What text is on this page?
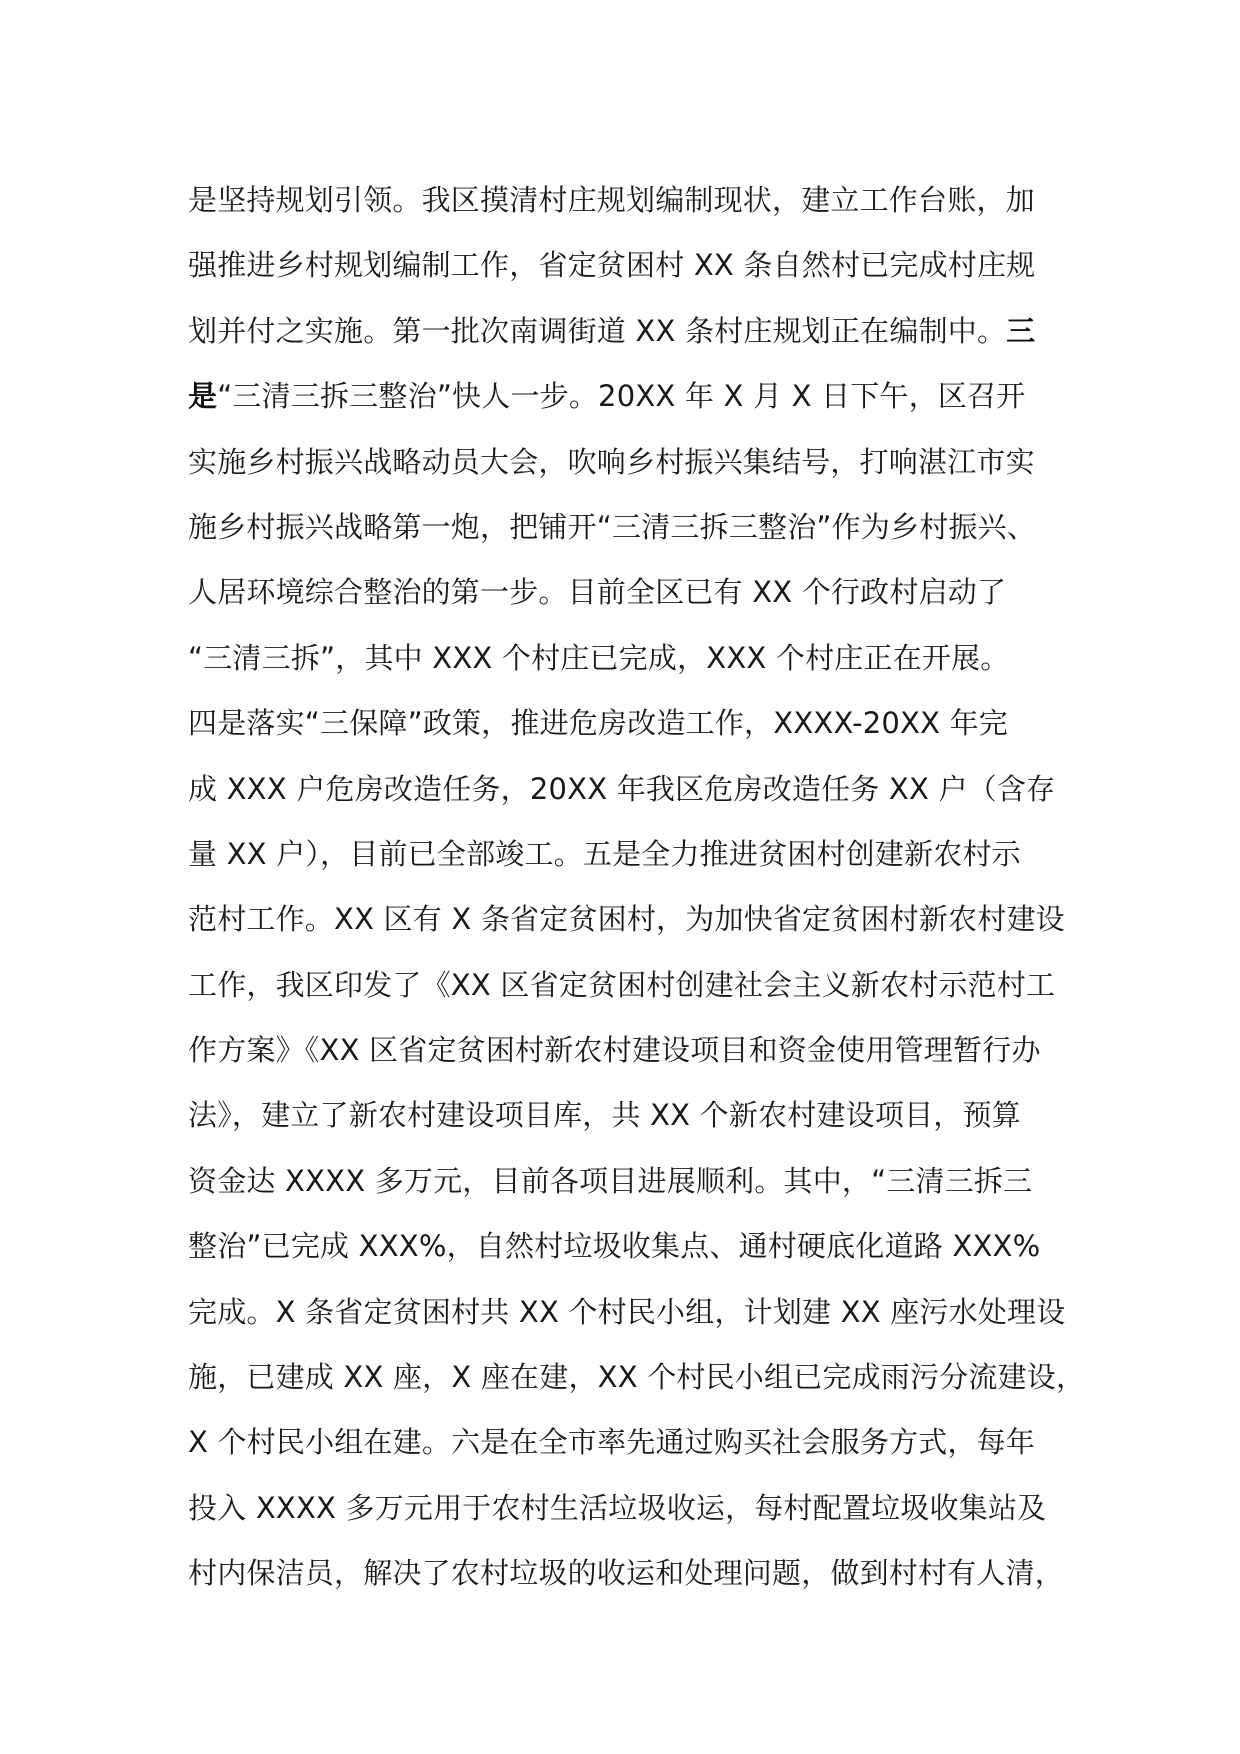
是坚持规划引领。我区摸清村庄规划编制现状，建立工作台账，加
强推进乡村规划编制工作，省定贫困村 XX 条自然村已完成村庄规
划并付之实施。第一批次南调街道 XX 条村庄规划正在编制中。三
是“三清三拆三整治”快人一步。20XX 年 X 月 X 日下午，区召开
实施乡村振兴战略动员大会，吹响乡村振兴集结号，打响湛江市实
施乡村振兴战略第一炮，把铺开“三清三拆三整治”作为乡村振兴、
人居环境综合整治的第一步。目前全区已有 XX 个行政村启动了
“三清三拆”，其中 XXX 个村庄已完成，XXX 个村庄正在开展。
四是落实“三保障”政策，推进危房改造工作，XXXX-20XX 年完
成 XXX 户危房改造任务，20XX 年我区危房改造任务 XX 户（含存
量 XX 户），目前已全部竣工。五是全力推进贫困村创建新农村示
范村工作。XX 区有 X 条省定贫困村，为加快省定贫困村新农村建设
工作，我区印发了《XX 区省定贫困村创建社会主义新农村示范村工
作方案》《XX 区省定贫困村新农村建设项目和资金使用管理暂行办
法》，建立了新农村建设项目库，共 XX 个新农村建设项目，预算
资金达 XXXX 多万元，目前各项目进展顺利。其中，“三清三拆三
整治”已完成 XXX%，自然村垃圾收集点、通村硬底化道路 XXX%
完成。X 条省定贫困村共 XX 个村民小组，计划建 XX 座污水处理设
施，已建成 XX 座，X 座在建，XX 个村民小组已完成雨污分流建设，
X 个村民小组在建。六是在全市率先通过购买社会服务方式，每年
投入 XXXX 多万元用于农村生活垃圾收运，每村配置垃圾收集站及
村内保洁员，解决了农村垃圾的收运和处理问题，做到村村有人清，
